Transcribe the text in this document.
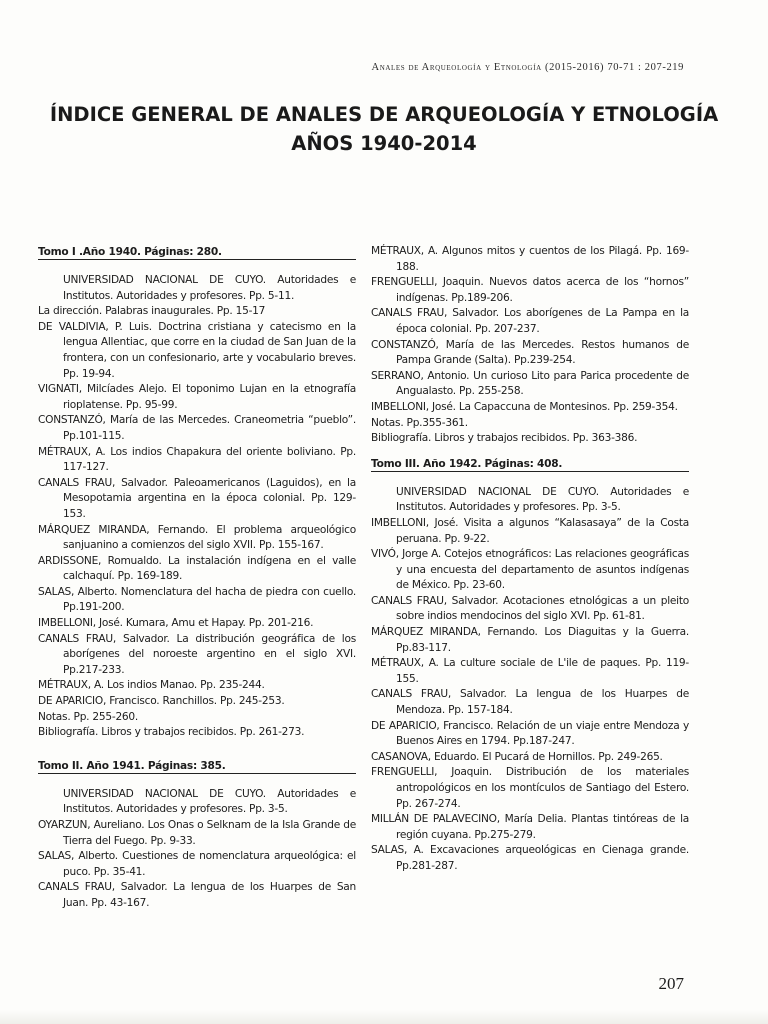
Anales de Arqueología y Etnología (2015-2016) 70-71 : 207-219
ÍNDICE GENERAL DE ANALES DE ARQUEOLOGÍA Y ETNOLOGÍA
AÑOS 1940-2014
Tomo I .Año 1940. Páginas: 280.
UNIVERSIDAD NACIONAL DE CUYO. Autoridades e Institutos. Autoridades y profesores. Pp. 5-11.
La dirección. Palabras inaugurales. Pp. 15-17
DE VALDIVIA, P. Luis. Doctrina cristiana y catecismo en la lengua Allentiac, que corre en la ciudad de San Juan de la frontera, con un confesionario, arte y vocabulario breves. Pp. 19-94.
VIGNATI, Milcíades Alejo. El toponimo Lujan en la etnografía rioplatense. Pp. 95-99.
CONSTANZÓ, María de las Mercedes. Craneometria “pueblo”. Pp.101-115.
MÉTRAUX, A. Los indios Chapakura del oriente boliviano. Pp. 117-127.
CANALS FRAU, Salvador. Paleoamericanos (Laguidos), en la Mesopotamia argentina en la época colonial. Pp. 129- 153.
MÁRQUEZ MIRANDA, Fernando. El problema arqueológico sanjuanino a comienzos del siglo XVII. Pp. 155-167.
ARDISSONE, Romualdo. La instalación indígena en el valle calchaquí. Pp. 169-189.
SALAS, Alberto. Nomenclatura del hacha de piedra con cuello. Pp.191-200.
IMBELLONI, José. Kumara, Amu et Hapay. Pp. 201-216.
CANALS FRAU, Salvador. La distribución geográfica de los aborígenes del noroeste argentino en el siglo XVI. Pp.217-233.
MÉTRAUX, A. Los indios Manao. Pp. 235-244.
DE APARICIO, Francisco. Ranchillos. Pp. 245-253.
Notas. Pp. 255-260.
Bibliografía. Libros y trabajos recibidos. Pp. 261-273.
Tomo II. Año 1941. Páginas: 385.
UNIVERSIDAD NACIONAL DE CUYO. Autoridades e Institutos. Autoridades y profesores. Pp. 3-5.
OYARZUN, Aureliano. Los Onas o Selknam de la Isla Grande de Tierra del Fuego. Pp. 9-33.
SALAS, Alberto. Cuestiones de nomenclatura arqueológica: el puco. Pp. 35-41.
CANALS FRAU, Salvador. La lengua de los Huarpes de San Juan. Pp. 43-167.
MÉTRAUX, A. Algunos mitos y cuentos de los Pilagá. Pp. 169-188.
FRENGUELLI, Joaquin. Nuevos datos acerca de los “hornos” indígenas. Pp.189-206.
CANALS FRAU, Salvador. Los aborígenes de La Pampa en la época colonial. Pp. 207-237.
CONSTANZÓ, María de las Mercedes. Restos humanos de Pampa Grande (Salta). Pp.239-254.
SERRANO, Antonio. Un curioso Lito para Parica procedente de Angualasto. Pp. 255-258.
IMBELLONI, José. La Capaccuna de Montesinos. Pp. 259-354.
Notas. Pp.355-361.
Bibliografía. Libros y trabajos recibidos. Pp. 363-386.
Tomo III. Año 1942. Páginas: 408.
UNIVERSIDAD NACIONAL DE CUYO. Autoridades e Institutos. Autoridades y profesores. Pp. 3-5.
IMBELLONI, José. Visita a algunos “Kalasasaya” de la Costa peruana. Pp. 9-22.
VIVÓ, Jorge A. Cotejos etnográficos: Las relaciones geográficas y una encuesta del departamento de asuntos indígenas de México. Pp. 23-60.
CANALS FRAU, Salvador. Acotaciones etnológicas a un pleito sobre indios mendocinos del siglo XVI. Pp. 61-81.
MÁRQUEZ MIRANDA, Fernando. Los Diaguitas y la Guerra. Pp.83-117.
MÉTRAUX, A. La culture sociale de L'ile de paques. Pp. 119- 155.
CANALS FRAU, Salvador. La lengua de los Huarpes de Mendoza. Pp. 157-184.
DE APARICIO, Francisco. Relación de un viaje entre Mendoza y Buenos Aires en 1794. Pp.187-247.
CASANOVA, Eduardo. El Pucará de Hornillos. Pp. 249-265.
FRENGUELLI, Joaquin. Distribución de los materiales antropológicos en los montículos de Santiago del Estero. Pp. 267-274.
MILLÁN DE PALAVECINO, María Delia. Plantas tintóreas de la región cuyana. Pp.275-279.
SALAS, A. Excavaciones arqueológicas en Cienaga grande. Pp.281-287.
207
